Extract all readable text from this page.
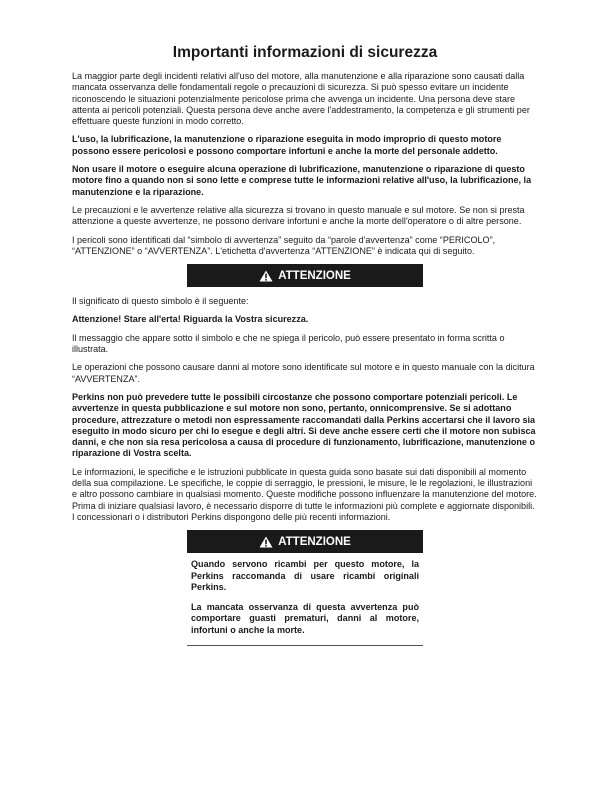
Importanti informazioni di sicurezza

La maggior parte degli incidenti relativi all'uso del motore, alla manutenzione e alla riparazione sono causati dalla mancata osservanza delle fondamentali regole o precauzioni di sicurezza. Si può spesso evitare un incidente riconoscendo le situazioni potenzialmente pericolose prima che avvenga un incidente. Una persona deve stare attenta ai pericoli potenziali. Questa persona deve anche avere l'addestramento, la competenza e gli strumenti per effettuare queste funzioni in modo corretto.

L'uso, la lubrificazione, la manutenzione o riparazione eseguita in modo improprio di questo motore possono essere pericolosi e possono comportare infortuni e anche la morte del personale addetto.

Non usare il motore o eseguire alcuna operazione di lubrificazione, manutenzione o riparazione di questo motore fino a quando non si sono lette e comprese tutte le informazioni relative all'uso, la lubrificazione, la manutenzione e la riparazione.

Le precauzioni e le avvertenze relative alla sicurezza si trovano in questo manuale e sul motore. Se non si presta attenzione a queste avvertenze, ne possono derivare infortuni e anche la morte dell'operatore o di altre persone.

I pericoli sono identificati dal “simbolo di avvertenza” seguito da “parole d'avvertenza” come “PERICOLO”, “ATTENZIONE” o “AVVERTENZA”. L'etichetta d'avvertenza “ATTENZIONE” è indicata qui di seguito.

ATTENZIONE

Il significato di questo simbolo è il seguente:

Attenzione! Stare all'erta! Riguarda la Vostra sicurezza.

Il messaggio che appare sotto il simbolo e che ne spiega il pericolo, può essere presentato in forma scritta o illustrata.

Le operazioni che possono causare danni al motore sono identificate sul motore e in questo manuale con la dicitura “AVVERTENZA”.

Perkins non può prevedere tutte le possibili circostanze che possono comportare potenziali pericoli. Le avvertenze in questa pubblicazione e sul motore non sono, pertanto, onnicomprensive. Se si adottano procedure, attrezzature o metodi non espressamente raccomandati dalla Perkins accertarsi che il lavoro sia eseguito in modo sicuro per chi lo esegue e degli altri. Si deve anche essere certi che il motore non subisca danni, e che non sia resa pericolosa a causa di procedure di funzionamento, lubrificazione, manutenzione o riparazione di Vostra scelta.

Le informazioni, le specifiche e le istruzioni pubblicate in questa guida sono basate sui dati disponibili al momento della sua compilazione. Le specifiche, le coppie di serraggio, le pressioni, le misure, le le regolazioni, le illustrazioni e altro possono cambiare in qualsiasi momento. Queste modifiche possono influenzare la manutenzione del motore. Prima di iniziare qualsiasi lavoro, è necessario disporre di tutte le informazioni più complete e aggiornate disponibili. I concessionari o i distributori Perkins dispongono delle più recenti informazioni.

ATTENZIONE

Quando servono ricambi per questo motore, la Perkins raccomanda di usare ricambi originali Perkins.

La mancata osservanza di questa avvertenza può comportare guasti prematuri, danni al motore, infortuni o anche la morte.
